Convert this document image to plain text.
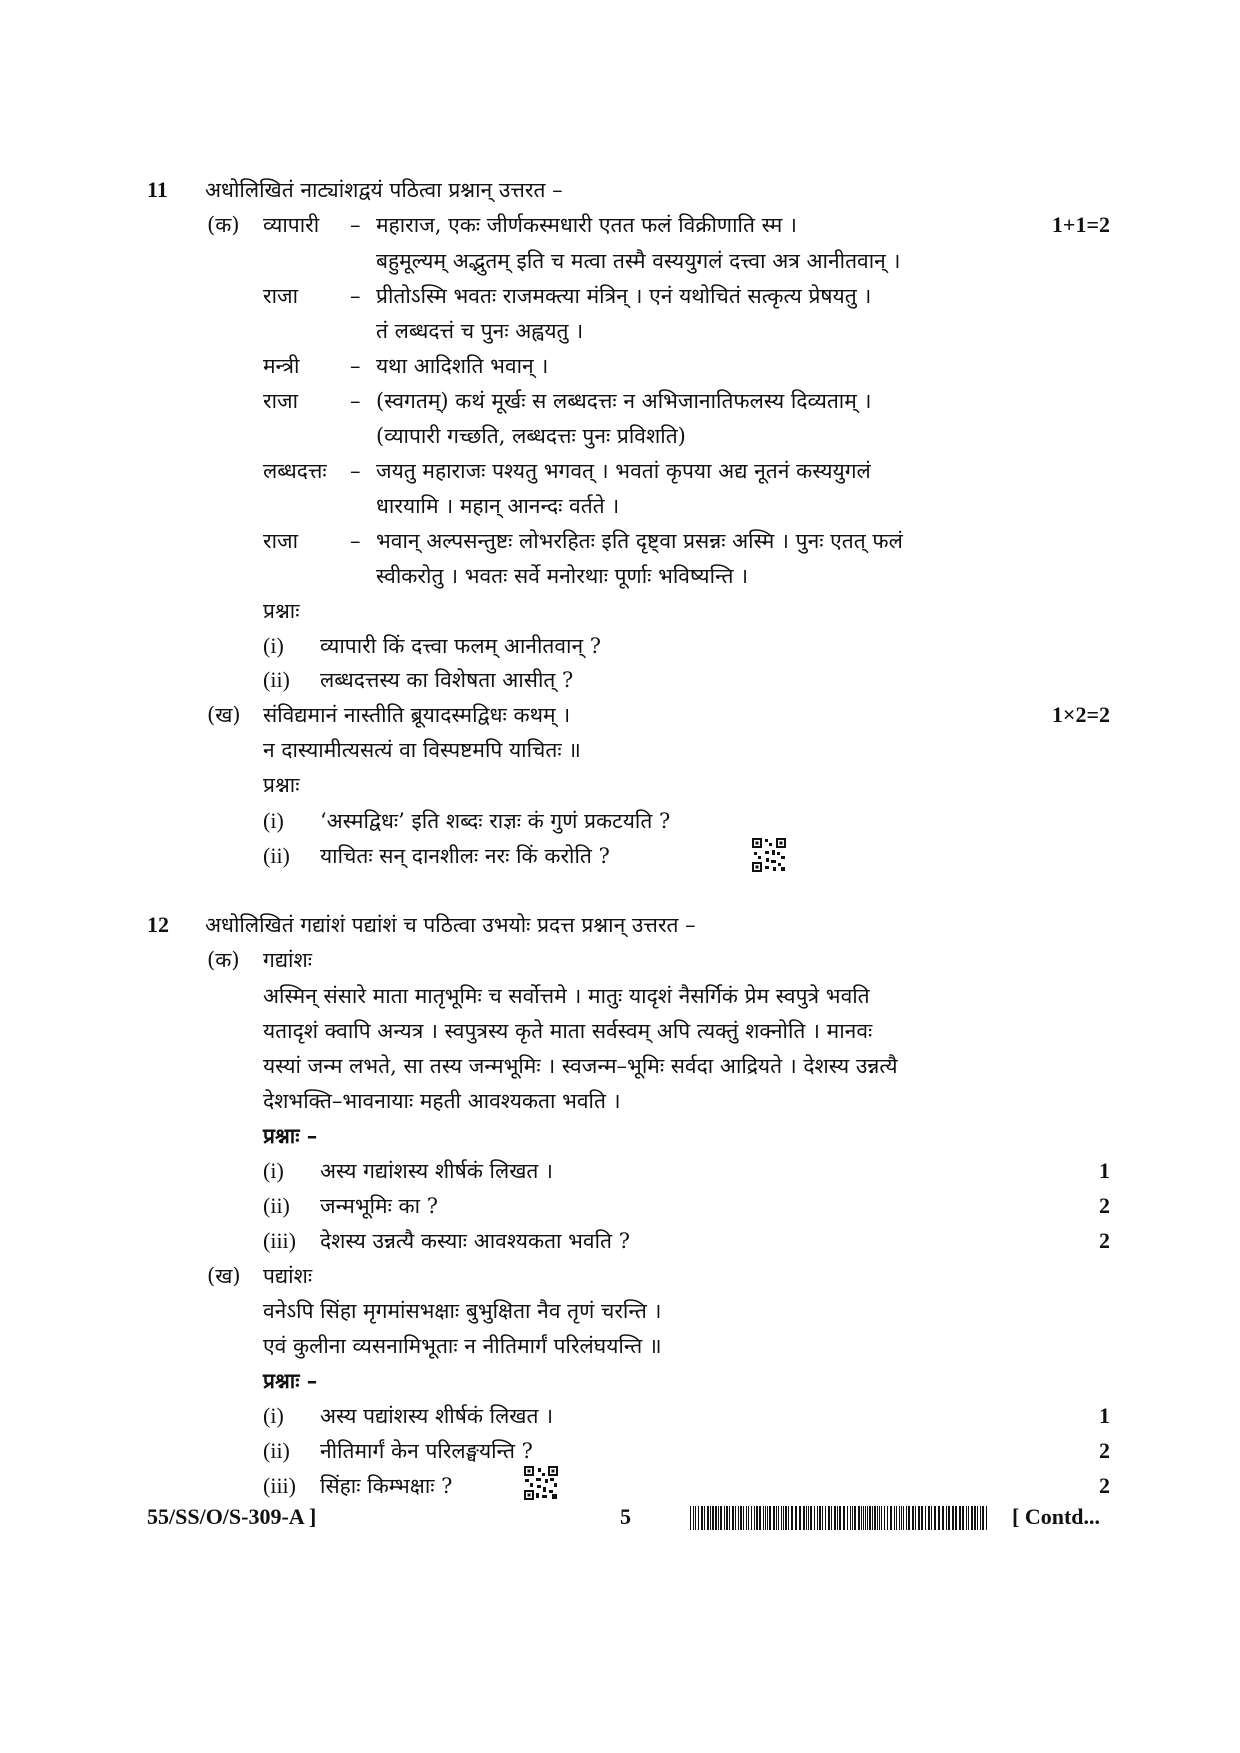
11 अधोलिखितं नाट्यांशद्वयं पठित्वा प्रश्नान् उत्तरत –
(क)	1+1=2
व्यापारी – महाराज, एकः जीर्णकस्मधारी एतत फलं विक्रीणाति स्म ।
बहुमूल्यम् अद्भुतम् इति च मत्वा तस्मै वस्ययुगलं दत्त्वा अत्र आनीतवान् ।
राजा – प्रीतोऽस्मि भवतः राजमक्त्या मंत्रिन् । एनं यथोचितं सत्कृत्य प्रेषयतु ।
तं लब्धदत्तं च पुनः अह्वयतु ।
मन्त्री – यथा आदिशति भवान् ।
राजा – (स्वगतम्) कथं मूर्खः स लब्धदत्तः न अभिजानातिफलस्य दिव्यताम् ।
(व्यापारी गच्छति, लब्धदत्तः पुनः प्रविशति)
लब्धदत्तः – जयतु महाराजः पश्यतु भगवत् । भवतां कृपया अद्य नूतनं कस्ययुगलं
धारयामि । महान् आनन्दः वर्तते ।
राजा – भवान् अल्पसन्तुष्टः लोभरहितः इति दृष्ट्वा प्रसन्नः अस्मि । पुनः एतत् फलं
स्वीकरोतु । भवतः सर्वे मनोरथाः पूर्णाः भविष्यन्ति ।
प्रश्नाः
(i) व्यापारी किं दत्त्वा फलम् आनीतवान् ?
(ii) लब्धदत्तस्य का विशेषता आसीत् ?
(ख)	1×2=2
संविद्यमानं नास्तीति ब्रूयादस्मद्विधः कथम् ।
न दास्यामीत्यसत्यं वा विस्पष्टमपि याचितः ॥
प्रश्नाः
(i) ‘अस्मद्विधः’ इति शब्दः राज्ञः कं गुणं प्रकटयति ?
(ii) याचितः सन् दानशीलः नरः किं करोति ?
12 अधोलिखितं गद्यांशं पद्यांशं च पठित्वा उभयोः प्रदत्त प्रश्नान् उत्तरत –
(क) गद्यांशः
अस्मिन् संसारे माता मातृभूमिः च सर्वोत्तमे । मातुः यादृशं नैसर्गिकं प्रेम स्वपुत्रे भवति
यतादृशं क्वापि अन्यत्र । स्वपुत्रस्य कृते माता सर्वस्वम् अपि त्यक्तुं शक्नोति । मानवः
यस्यां जन्म लभते, सा तस्य जन्मभूमिः । स्वजन्म–भूमिः सर्वदा आद्रियते । देशस्य उन्नत्यै
देशभक्ति–भावनायाः महती आवश्यकता भवति ।
प्रश्नाः –
(i) अस्य गद्यांशस्य शीर्षकं लिखत ।	1
(ii) जन्मभूमिः का ?	2
(iii) देशस्य उन्नत्यै कस्याः आवश्यकता भवति ?	2
(ख) पद्यांशः
वनेऽपि सिंहा मृगमांसभक्षाः बुभुक्षिता नैव तृणं चरन्ति ।
एवं कुलीना व्यसनामिभूताः न नीतिमार्गं परिलंघयन्ति ॥
प्रश्नाः –
(i) अस्य पद्यांशस्य शीर्षकं लिखत ।	1
(ii) नीतिमार्गं केन परिलङ्घयन्ति ?	2
(iii) सिंहाः किम्भक्षाः ?	2
55/SS/O/S-309-A ]	5	[ Contd...
